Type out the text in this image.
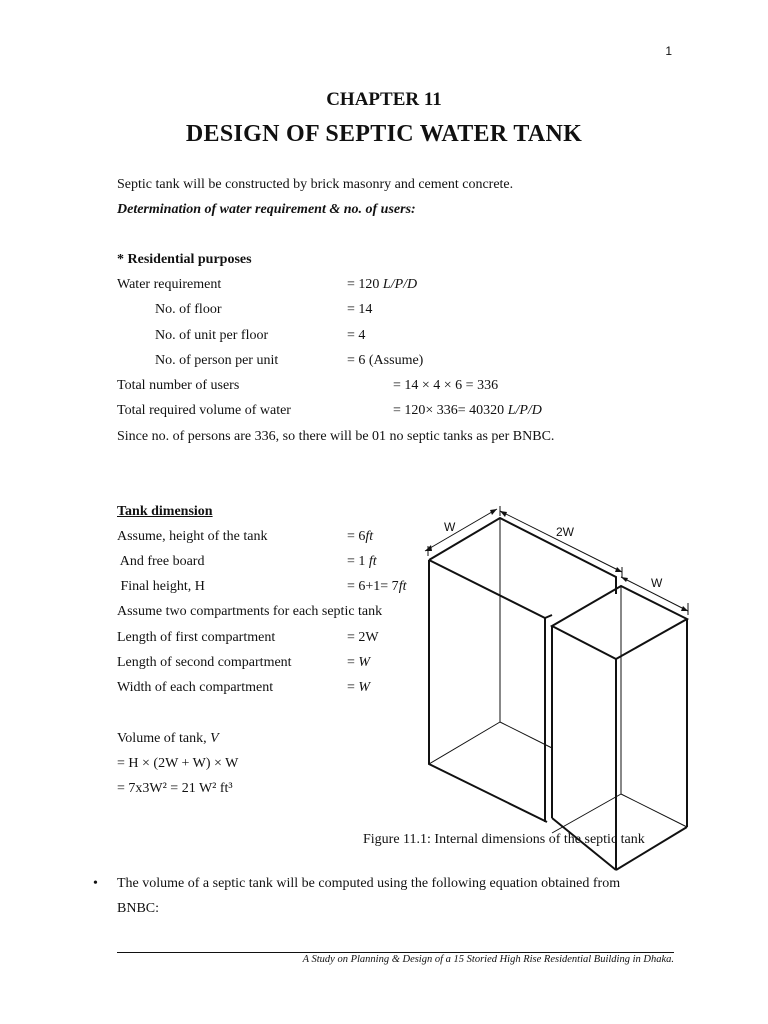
1
CHAPTER 11
DESIGN OF SEPTIC WATER TANK
Septic tank will be constructed by brick masonry and cement concrete.
Determination of water requirement & no. of users:
* Residential purposes
Water requirement	= 120 L/P/D
No. of floor	= 14
No. of unit per floor	= 4
No. of person per unit	= 6 (Assume)
Total number of users	= 14 × 4 × 6 = 336
Total required volume of water	= 120× 336= 40320 L/P/D
Since no. of persons are 336, so there will be 01 no septic tanks as per BNBC.
Tank dimension
Assume, height of the tank	= 6ft
And free board	= 1 ft
Final height, H	= 6+1= 7ft
Assume two compartments for each septic tank
Length of first compartment	= 2W
Length of second compartment	= W
Width of each compartment	= W
Volume of tank, V
= H × (2W + W) × W
= 7x3W² = 21 W² ft³
W	2W
W
Figure 11.1: Internal dimensions of the septic tank
• The volume of a septic tank will be computed using the following equation obtained from
BNBC:
A Study on Planning & Design of a 15 Storied High Rise Residential Building in Dhaka.
